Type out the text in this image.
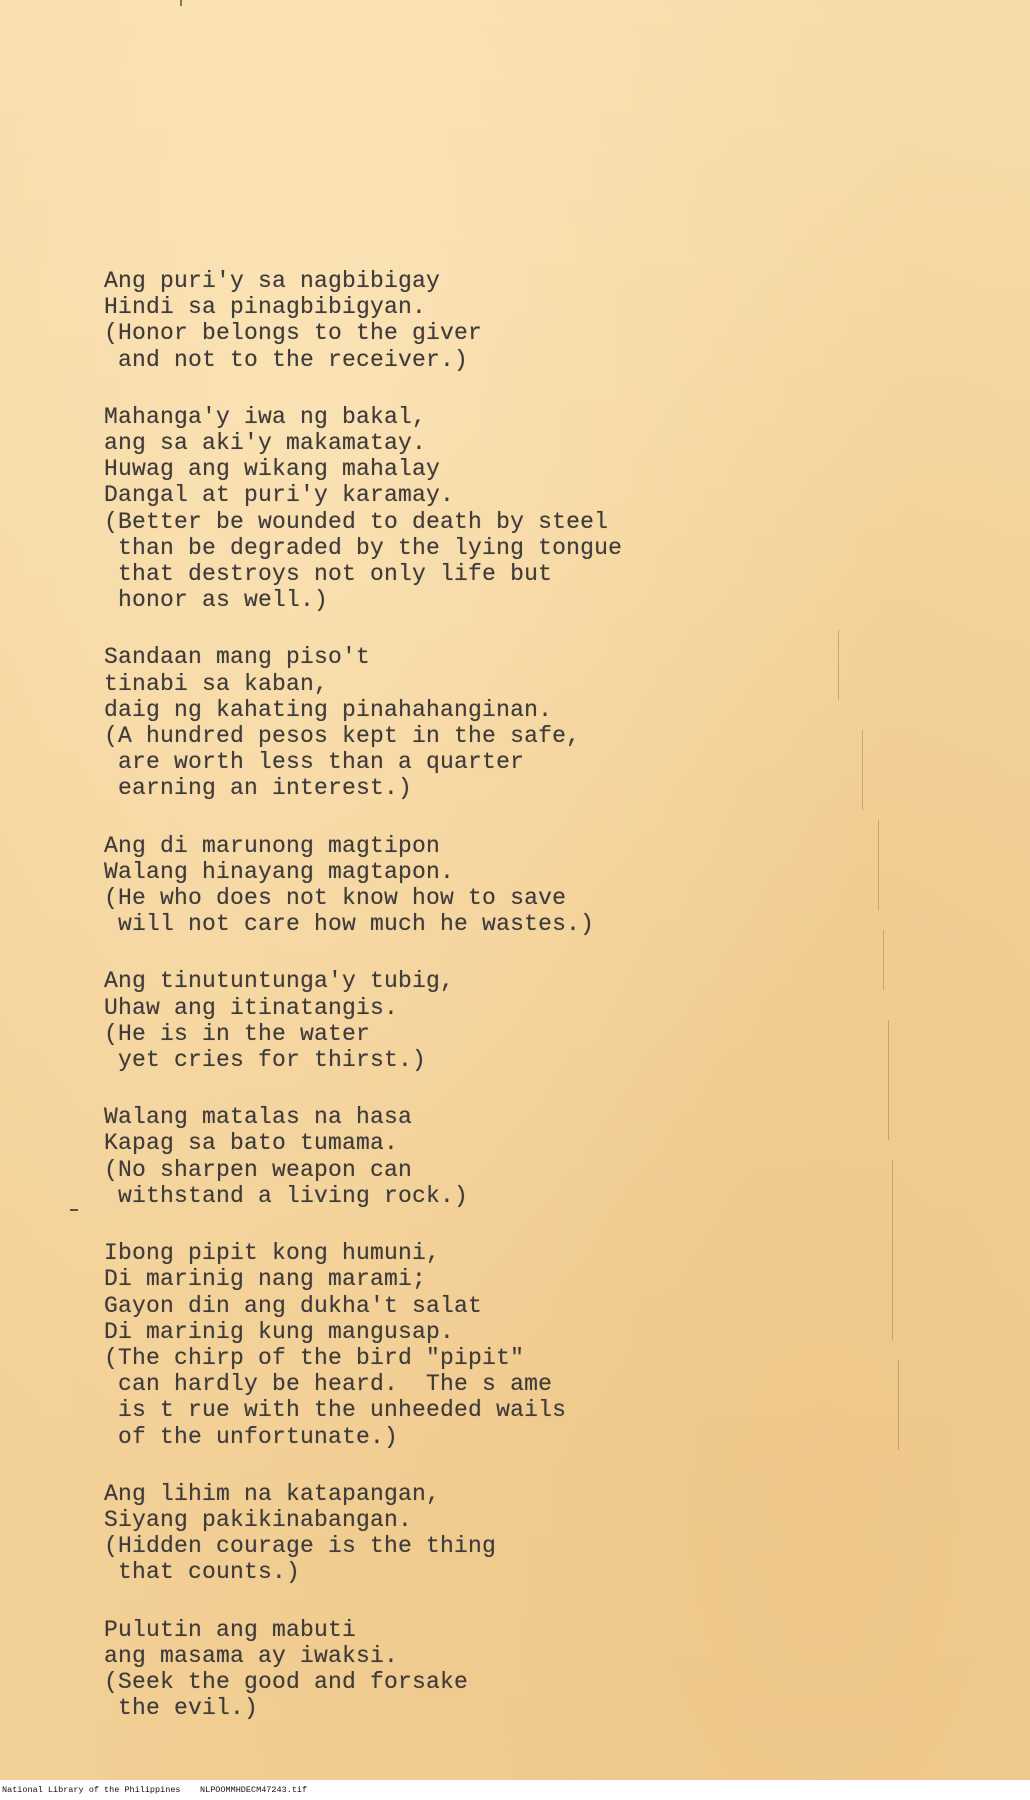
Ang puri'y sa nagbibigay
Hindi sa pinagbibigyan.
(Honor belongs to the giver
and not to the receiver.)
Mahanga'y iwa ng bakal,
ang sa aki'y makamatay.
Huwag ang wikang mahalay
Dangal at puri'y karamay.
(Better be wounded to death by steel
than be degraded by the lying tongue
that destroys not only life but
honor as well.)
Sandaan mang piso't
tinabi sa kaban,
daig ng kahating pinahahanginan.
(A hundred pesos kept in the safe,
are worth less than a quarter
earning an interest.)
Ang di marunong magtipon
Walang hinayang magtapon.
(He who does not know how to save
will not care how much he wastes.)
Ang tinutuntunga'y tubig,
Uhaw ang itinatangis.
(He is in the water
yet cries for thirst.)
Walang matalas na hasa
Kapag sa bato tumama.
(No sharpen weapon can
withstand a living rock.)
Ibong pipit kong humuni,
Di marinig nang marami;
Gayon din ang dukha't salat
Di marinig kung mangusap.
(The chirp of the bird "pipit"
can hardly be heard.  The s ame
is t rue with the unheeded wails
of the unfortunate.)
Ang lihim na katapangan,
Siyang pakikinabangan.
(Hidden courage is the thing
that counts.)
Pulutin ang mabuti
ang masama ay iwaksi.
(Seek the good and forsake
the evil.)
National Library of the Philippines NLPOOMMHDECM47243.tif
